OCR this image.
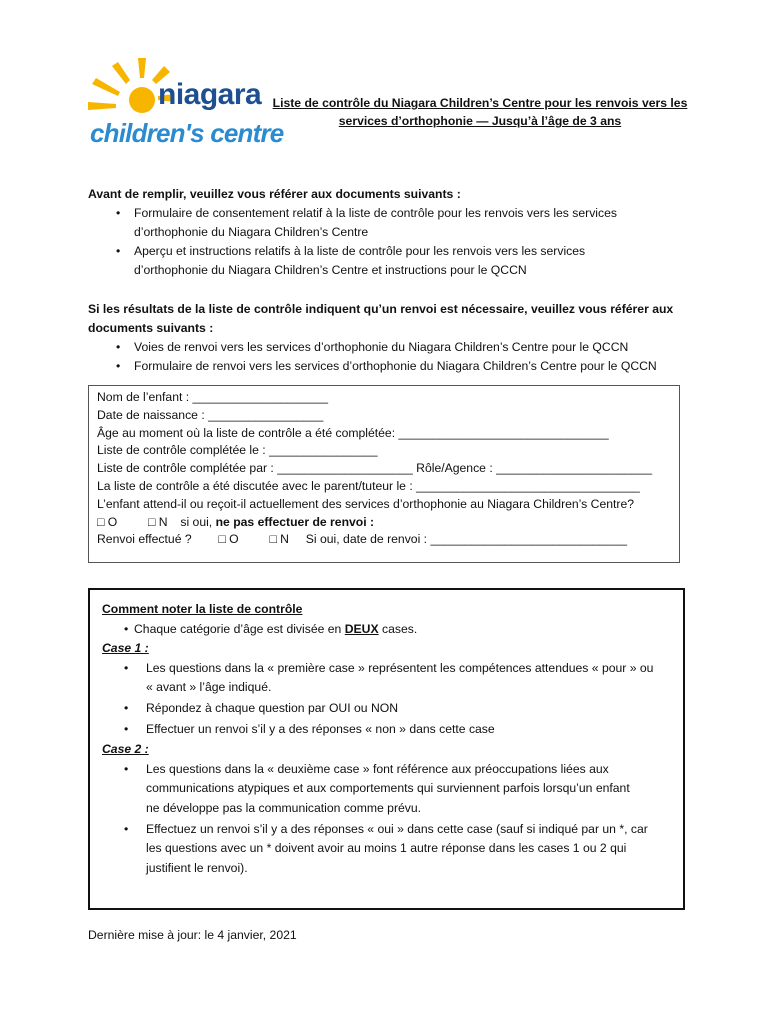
niagara
children's centre
Liste de contrôle du Niagara Children’s Centre pour les renvois vers les
services d’orthophonie — Jusqu’à l’âge de 3 ans
Avant de remplir, veuillez vous référer aux documents suivants :
• Formulaire de consentement relatif à la liste de contrôle pour les renvois vers les services
d’orthophonie du Niagara Children’s Centre
• Aperçu et instructions relatifs à la liste de contrôle pour les renvois vers les services
d’orthophonie du Niagara Children’s Centre et instructions pour le QCCN
Si les résultats de la liste de contrôle indiquent qu’un renvoi est nécessaire, veuillez vous référer aux
documents suivants :
• Voies de renvoi vers les services d’orthophonie du Niagara Children’s Centre pour le QCCN
• Formulaire de renvoi vers les services d’orthophonie du Niagara Children’s Centre pour le QCCN
Nom de l’enfant : ____________________
Date de naissance : _________________
Âge au moment où la liste de contrôle a été complétée: _______________________________
Liste de contrôle complétée le : ________________
Liste de contrôle complétée par : ____________________ Rôle/Agence : _______________________
La liste de contrôle a été discutée avec le parent/tuteur le : _________________________________
L’enfant attend-il ou reçoit-il actuellement des services d’orthophonie au Niagara Children’s Centre?
□ O	□ N si oui, ne pas effectuer de renvoi :
Renvoi effectué ? □ O	□ N Si oui, date de renvoi : _____________________________
Comment noter la liste de contrôle
• Chaque catégorie d’âge est divisée en DEUX cases.
Case 1 :
• Les questions dans la « première case » représentent les compétences attendues « pour » ou
« avant » l’âge indiqué.
• Répondez à chaque question par OUI ou NON
• Effectuer un renvoi s’il y a des réponses « non » dans cette case
Case 2 :
• Les questions dans la « deuxième case » font référence aux préoccupations liées aux
communications atypiques et aux comportements qui surviennent parfois lorsqu’un enfant
ne développe pas la communication comme prévu.
• Effectuez un renvoi s’il y a des réponses « oui » dans cette case (sauf si indiqué par un *, car
les questions avec un * doivent avoir au moins 1 autre réponse dans les cases 1 ou 2 qui
justifient le renvoi).
Dernière mise à jour: le 4 janvier, 2021
